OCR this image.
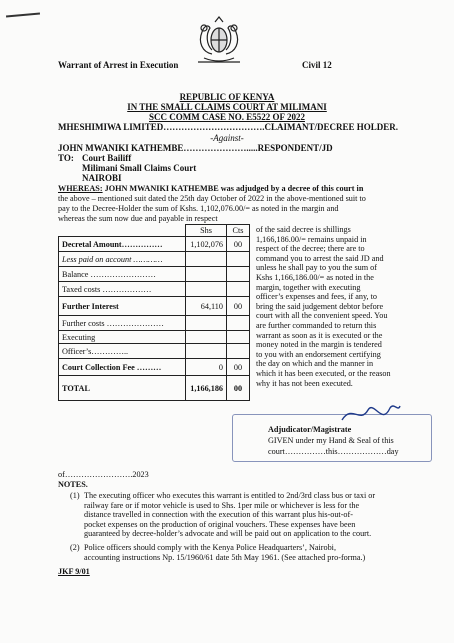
Warrant of Arrest in Execution	Civil 12
REPUBLIC OF KENYA
IN THE SMALL CLAIMS COURT AT MILIMANI
SCC COMM CASE NO. E5522 OF 2022
MHESHIMIWA LIMITED…………………………….CLAIMANT/DECREE HOLDER.
-Against-
JOHN MWANIKI KATHEMBE………………….....RESPONDENT/JD
TO: Court Bailiff
Milimani Small Claims Court
NAIROBI
WHEREAS: JOHN MWANIKI KATHEMBE was adjudged by a decree of this court in
the above – mentioned suit dated the 25th day October of 2022 in the above-mentioned suit to
pay to the Decree-Holder the sum of Kshs. 1,102,076.00/= as noted in the margin and
whereas the sum now due and payable in respect
	Shs	Cts
Decretal Amount……………	1,102,076	00
Less paid on account …………		
Balance ……………………		
Taxed costs ………………		
Further Interest	64,110	00
Further costs …………………		
Executing		
Officer’s…………..		
Court Collection Fee ………	0	00
TOTAL	1,166,186	00
of the said decree is shillings
1,166,186.00/= remains unpaid in
respect of the decree; there are to
command you to arrest the said JD and
unless he shall pay to you the sum of
Kshs 1,166,186.00/= as noted in the
margin, together with executing
officer’s expenses and fees, if any, to
bring the said judgement debtor before
court with all the convenient speed. You
are further commanded to return this
warrant as soon as it is executed or the
money noted in the margin is tendered
to you with an endorsement certifying
the day on which and the manner in
which it has been executed, or the reason
why it has not been executed.
Adjudicator/Magistrate
GIVEN under my Hand & Seal of this
court……………this………………day
of…………………….2023
NOTES.
(1) The executing officer who executes this warrant is entitled to 2nd/3rd class bus or taxi or
railway fare or if motor vehicle is used to Shs. 1per mile or whichever is less for the
distance travelled in connection with the execution of this warrant plus his-out-of-
pocket expenses on the production of original vouchers. These expenses have been
guaranteed by decree-holder’s advocate and will be paid out on application to the court.
(2) Police officers should comply with the Kenya Police Headquarters’, Nairobi,
accounting instructions Np. 15/1960/61 date 5th May 1961. (See attached pro-forma.)
JKF 9/01
